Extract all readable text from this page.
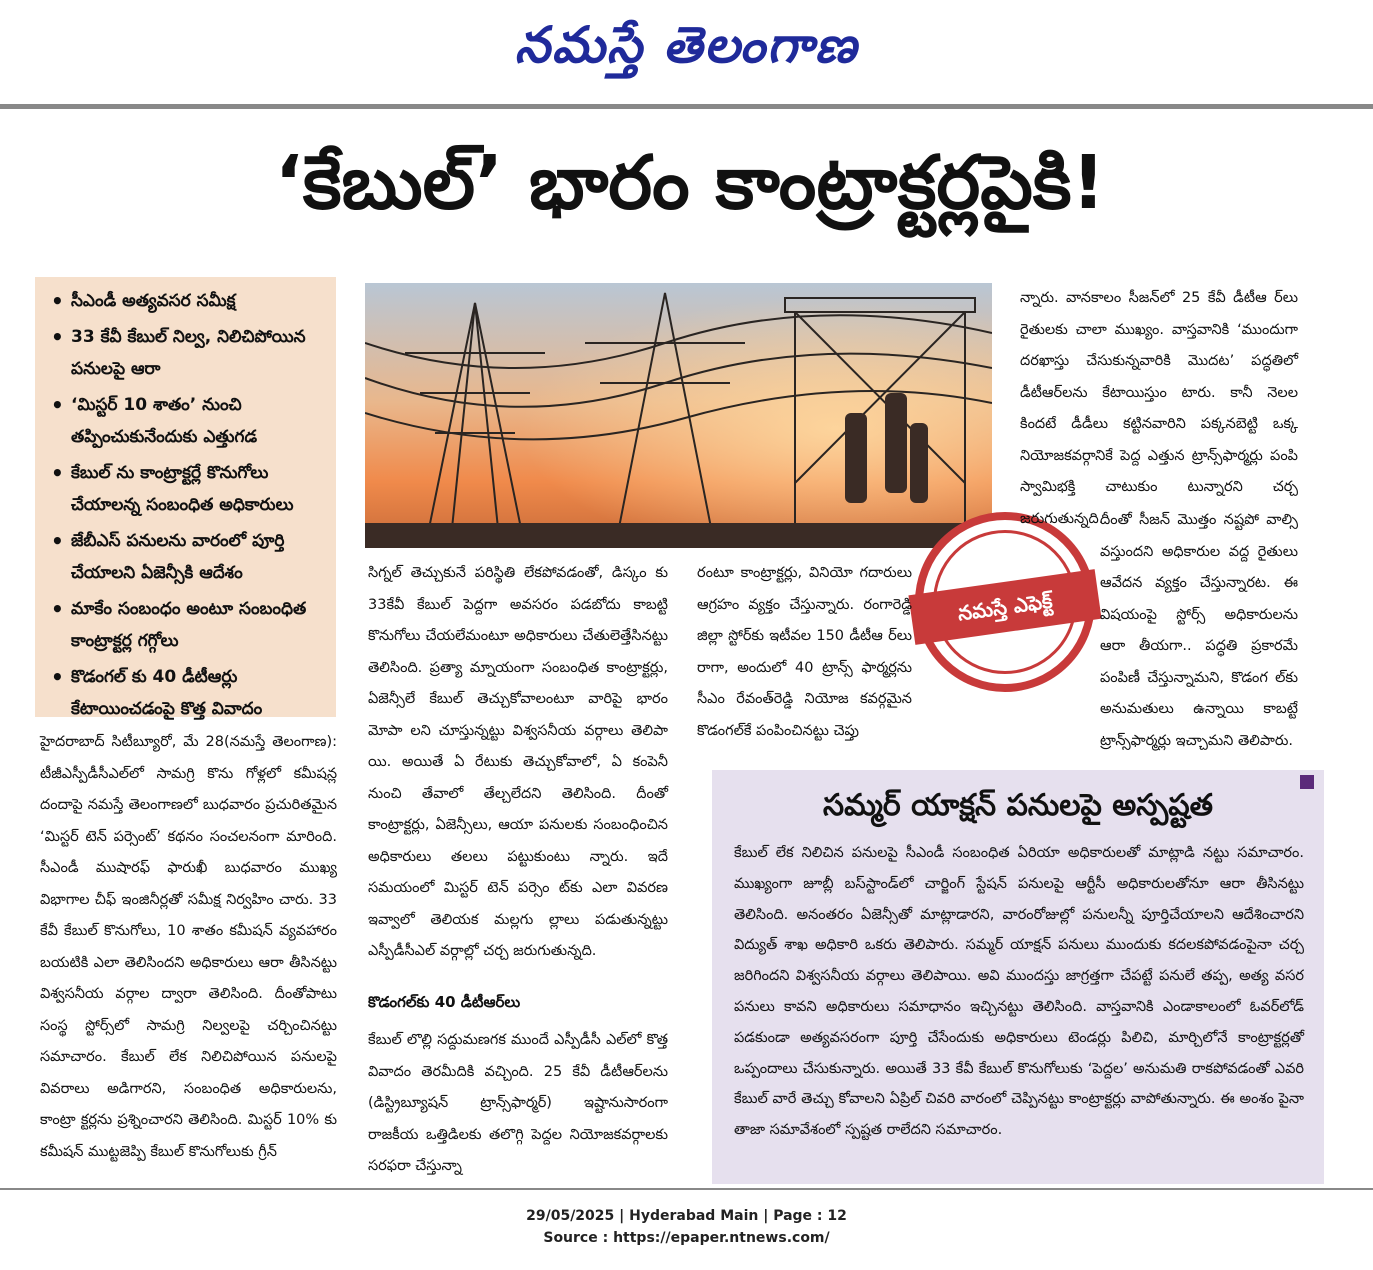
నమస్తే తెలంగాణ
‘కేబుల్’ భారం కాంట్రాక్టర్లపైకి!
• సీఎండీ అత్యవసర సమీక్ష
• 33 కేవీ కేబుల్ నిల్వ, నిలిచిపోయిన పనులపై ఆరా
• ‘మిస్టర్ 10 శాతం’ నుంచి తప్పించుకునేందుకు ఎత్తుగడ
• కేబుల్ ను కాంట్రాక్టర్లే కొనుగోలు చేయాలన్న సంబంధిత అధికారులు
• జేబీఎస్ పనులను వారంలో పూర్తి చేయాలని ఏజెన్సీకి ఆదేశం
• మాకేం సంబంధం అంటూ సంబంధిత కాంట్రాక్టర్ల గగ్గోలు
• కొడంగల్ కు 40 డీటీఆర్లు కేటాయించడంపై కొత్త వివాదం
నమస్తే ఎఫెక్ట్

హైదరాబాద్ సిటీబ్యూరో, మే 28(నమస్తే తెలంగాణ): టీజీఎస్పీడీసీఎల్‌లో సామగ్రి కొను గోళ్లలో కమీషన్ల దందాపై నమస్తే తెలంగాణలో బుధవారం ప్రచురితమైన ‘మిస్టర్ టెన్ పర్సెంట్’ కథనం సంచలనంగా మారింది. సీఎండీ ముషారఫ్ ఫారుఖీ బుధవారం ముఖ్య విభాగాల చీఫ్ ఇంజినీర్లతో సమీక్ష నిర్వహిం చారు. 33 కేవీ కేబుల్ కొనుగోలు, 10 శాతం కమీషన్ వ్యవహారం బయటికి ఎలా తెలిసిందని అధికారులు ఆరా తీసినట్టు విశ్వసనీయ వర్గాల ద్వారా తెలిసింది. దీంతోపాటు సంస్థ స్టోర్స్‌లో సామగ్రి నిల్వలపై చర్చించినట్టు సమాచారం. కేబుల్ లేక నిలిచిపోయిన పనులపై వివరాలు అడిగారని, సంబంధిత అధికారులను, కాంట్రా క్టర్లను ప్రశ్నించారని తెలిసింది. మిస్టర్ 10% కు కమీషన్ ముట్టజెప్పి కేబుల్ కొనుగోలుకు గ్రీన్

సిగ్నల్ తెచ్చుకునే పరిస్థితి లేకపోవడంతో, డిస్కం కు 33కేవీ కేబుల్ పెద్దగా అవసరం పడబోదు కాబట్టి కొనుగోలు చేయలేమంటూ అధికారులు చేతులెత్తేసినట్టు తెలిసింది. ప్రత్యా మ్నాయంగా సంబంధిత కాంట్రాక్టర్లు, ఏజెన్సీలే కేబుల్ తెచ్చుకోవాలంటూ వారిపై భారం మోపా లని చూస్తున్నట్టు విశ్వసనీయ వర్గాలు తెలిపా యి. అయితే ఏ రేటుకు తెచ్చుకోవాలో, ఏ కంపెనీ నుంచి తేవాలో తేల్చలేదని తెలిసింది. దీంతో కాంట్రాక్టర్లు, ఏజెన్సీలు, ఆయా పనులకు సంబంధించిన అధికారులు తలలు పట్టుకుంటు న్నారు. ఇదే సమయంలో మిస్టర్ టెన్ పర్సెం ట్‌కు ఎలా వివరణ ఇవ్వాలో తెలియక మల్లగు ల్లాలు పడుతున్నట్టు ఎస్పీడీసీఎల్ వర్గాల్లో చర్చ జరుగుతున్నది.

కొడంగల్‌కు 40 డీటీఆర్‌లు

కేబుల్ లొల్లి సద్దుమణగక ముందే ఎస్పీడీసీ ఎల్‌లో కొత్త వివాదం తెరమీదికి వచ్చింది. 25 కేవీ డీటీఆర్‌లను (డిస్ట్రిబ్యూషన్ ట్రాన్స్‌ఫార్మర్) ఇష్టానుసారంగా రాజకీయ ఒత్తిడిలకు తలొగ్గి పెద్దల నియోజకవర్గాలకు సరఫరా చేస్తున్నా

రంటూ కాంట్రాక్టర్లు, వినియో గదారులు ఆగ్రహం వ్యక్తం చేస్తున్నారు. రంగారెడ్డి జిల్లా స్టోర్‌కు ఇటీవల 150 డీటీఆ ర్‌లు రాగా, అందులో 40 ట్రాన్స్ ఫార్మర్లను సీఎం రేవంత్‌రెడ్డి నియోజ కవర్గమైన కొడంగల్‌కే పంపించినట్టు చెప్తు

న్నారు. వానకాలం సీజన్‌లో 25 కేవీ డీటీఆ ర్‌లు రైతులకు చాలా ముఖ్యం. వాస్తవానికి ‘ముందుగా దరఖాస్తు చేసుకున్నవారికి మొదట’ పద్ధతిలో డీటీఆర్‌లను కేటాయిస్తుం టారు. కానీ నెలల కిందటే డీడీలు కట్టినవారిని పక్కనబెట్టి ఒక్క నియోజకవర్గానికే పెద్ద ఎత్తున ట్రాన్స్‌ఫార్మర్లు పంపి స్వామిభక్తి చాటుకుం టున్నారని చర్చ జరుగుతున్నది.

దీంతో సీజన్ మొత్తం నష్టపో వాల్సి వస్తుందని అధికారుల వద్ద రైతులు ఆవేదన వ్యక్తం చేస్తున్నారట. ఈ విషయంపై స్టోర్స్ అధికారులను ఆరా తీయగా.. పద్ధతి ప్రకారమే పంపిణీ చేస్తున్నామని, కొడంగ ల్‌కు అనుమతులు ఉన్నాయి కాబట్టే ట్రాన్స్‌ఫార్మర్లు ఇచ్చామని తెలిపారు.

సమ్మర్ యాక్షన్ పనులపై అస్పష్టత

కేబుల్ లేక నిలిచిన పనులపై సీఎండీ సంబంధిత ఏరియా అధికారులతో మాట్లాడి నట్టు సమాచారం. ముఖ్యంగా జూబ్లీ బస్‌స్టాండ్‌లో చార్జింగ్ స్టేషన్ పనులపై ఆర్టీసీ అధికారులతోనూ ఆరా తీసినట్టు తెలిసింది. అనంతరం ఏజెన్సీతో మాట్లాడారని, వారంరోజుల్లో పనులన్నీ పూర్తిచేయాలని ఆదేశించారని విద్యుత్ శాఖ అధికారి ఒకరు తెలిపారు. సమ్మర్ యాక్షన్ పనులు ముందుకు కదలకపోవడంపైనా చర్చ జరిగిందని విశ్వసనీయ వర్గాలు తెలిపాయి. అవి ముందస్తు జాగ్రత్తగా చేపట్టే పనులే తప్ప, అత్య వసర పనులు కావని అధికారులు సమాధానం ఇచ్చినట్టు తెలిసింది. వాస్తవానికి ఎండాకాలంలో ఓవర్‌లోడ్ పడకుండా అత్యవసరంగా పూర్తి చేసేందుకు అధికారులు టెండర్లు పిలిచి, మార్చిలోనే కాంట్రాక్టర్లతో ఒప్పందాలు చేసుకున్నారు. అయితే 33 కేవీ కేబుల్ కొనుగోలుకు ‘పెద్దల’ అనుమతి రాకపోవడంతో ఎవరి కేబుల్ వారే తెచ్చు కోవాలని ఏప్రిల్ చివరి వారంలో చెప్పినట్టు కాంట్రాక్టర్లు వాపోతున్నారు. ఈ అంశం పైనా తాజా సమావేశంలో స్పష్టత రాలేదని సమాచారం.

29/05/2025 | Hyderabad Main | Page : 12
Source : https://epaper.ntnews.com/
